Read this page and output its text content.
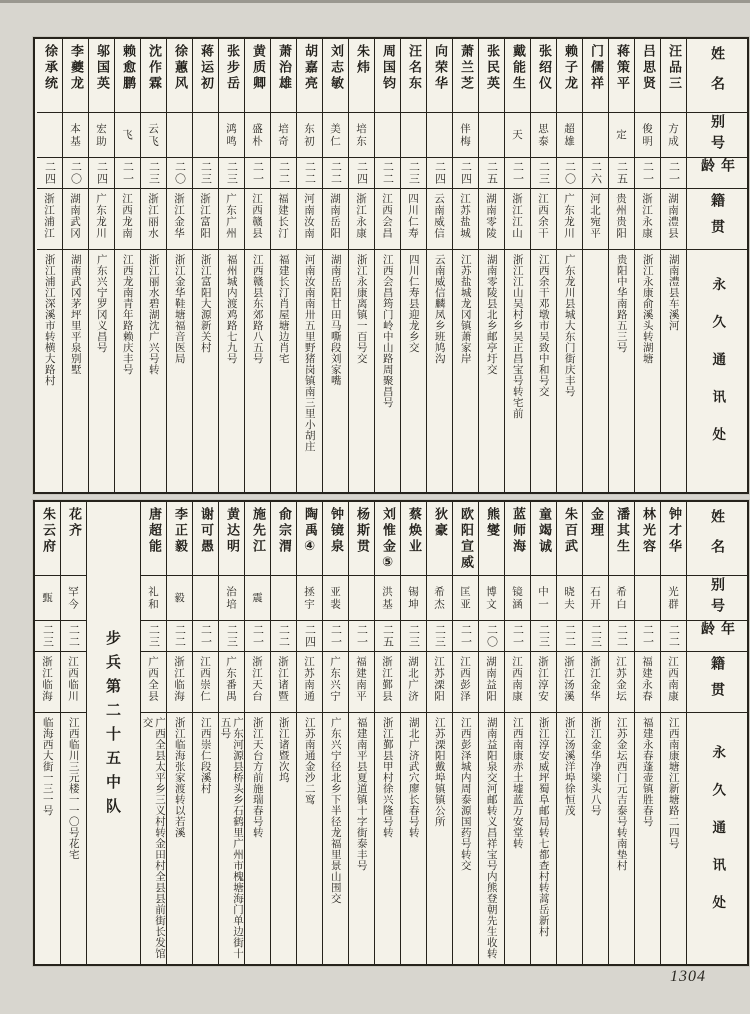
姓名
别号
年龄
籍贯
永久通讯处
汪品三
方成
二一
湖南澧县
湖南澧县车溪河
吕思贤
俊明
二一
浙江永康
浙江永康俞溪头转湖塘
蒋策平
定
二五
贵州贵阳
贵阳中华南路五三号
门儒祥
二六
河北宛平
赖子龙
超雄
二〇
广东龙川
广东龙川县城大东门街庆丰号
张绍仪
思泰
二三
江西余干
江西余干邓墩市吴致中和号交
戴能生
天
二一
浙江江山
浙江江山吴村乡吴正昌宝号转宅前
张民英
二五
湖南零陵
湖南零陵县北乡邮亭圩交
萧兰芝
伴梅
二四
江苏盐城
江苏盐城龙冈镇萧家岸
向荣华
二四
云南威信
云南威信麟凤乡班鸠沟
汪名东
二三
四川仁寿
四川仁寿县迎龙乡交
周国钧
二二
江西会昌
江西会昌筠门岭中山路周聚昌号
朱炜
培东
二四
浙江永康
浙江永康离镇一百号交
刘志敏
美仁
二二
湖南岳阳
湖南岳阳甘田马嘶段刘家嘴
胡嘉亮
东初
二二
河南汝南
河南汝南南卅五里野猪岗镇南三里小胡庄
萧治雄
培奇
二二
福建长汀
福建长汀肖屋塘边肖宅
黄质卿
盛朴
二一
江西赣县
江西赣县东郊路八五号
张步岳
鸿鸣
二三
广东广州
福州城内渡鸡路七九号
蒋运初
二三
浙江富阳
浙江富阳大源新关村
徐蕙风
二〇
浙江金华
浙江金华鞋塘福音医局
沈作霖
云飞
二三
浙江丽水
浙江丽水碧湖沈广兴号转
赖愈鹏
飞
二一
江西龙南
江西龙南青年路赖庆丰号
邬国英
宏助
二四
广东龙川
广东兴宁罗冈义昌号
李夔龙
本基
二〇
湖南武冈
湖南武冈茅坪里平泉别墅
徐承统
二四
浙江浦江
浙江浦江深溪市转横大路村
姓名
别号
年龄
籍贯
永久通讯处
钟才华
光群
二二
江西南康
江西南康塘江新塘路二四号
林光容
二一
福建永春
福建永春蓬壶镇胜春号
潘其生
希白
二二
江苏金坛
江苏金坛西门元吉泰号转南垫村
金理
石开
二三
浙江金华
浙江金华净梁头八号
朱百武
晓夫
二二
浙江汤溪
浙江汤溪洋埠徐恒茂
童竭诚
中一
二三
浙江淳安
浙江淳安威坪蜀阜邮局转七都查村转蒿岳新村
蓝师海
镜涵
二一
江西南康
江西南康赤土墟蓝万安堂转
熊燮
博文
二〇
湖南益阳
湖南益阳泉交河邮转义昌祥宝号内熊登朝先生收转
欧阳宣威
匡亚
二一
江西彭泽
江西彭泽城内周泰源国药号转交
狄豪
希杰
二三
江苏溧阳
江苏溧阳戴埠镇镇公所
蔡焕业
锡坤
二三
湖北广济
湖北广济武穴廖长春号转
刘惟金⑤
洪基
二五
浙江鄞县
浙江鄞县甲村徐兴隆号转
杨斯贯
二一
福建南平
福建南平县夏道镇十字街泰丰号
钟镜泉
亚裴
二一
广东兴宁
广东兴宁径北乡下半径龙福里景山围交
陶禹④
拯宇
二四
江苏南通
江苏南通金沙二窎
俞宗渭
二二
浙江诸暨
浙江诸暨次坞
施先江
震
二一
浙江天台
浙江天台方前施瑞春号转
黄达明
治培
二三
广东番禺
广东河源县桥头乡石鹤里广州市槐塘海门单边街十五号
谢可愚
二一
江西崇仁
江西崇仁段溪村
李正毅
毅
二二
浙江临海
浙江临海张家渡转以若溪
唐超能
礼和
二三
广西全县
广西全县太平乡三义村转金田村全县县前街长发馆交
步兵第二十五中队
花齐
罕今
二二
江西临川
江西临川三元楼一一〇号花宅
朱云府
甄
二三
浙江临海
临海西大街一三一号
1304
